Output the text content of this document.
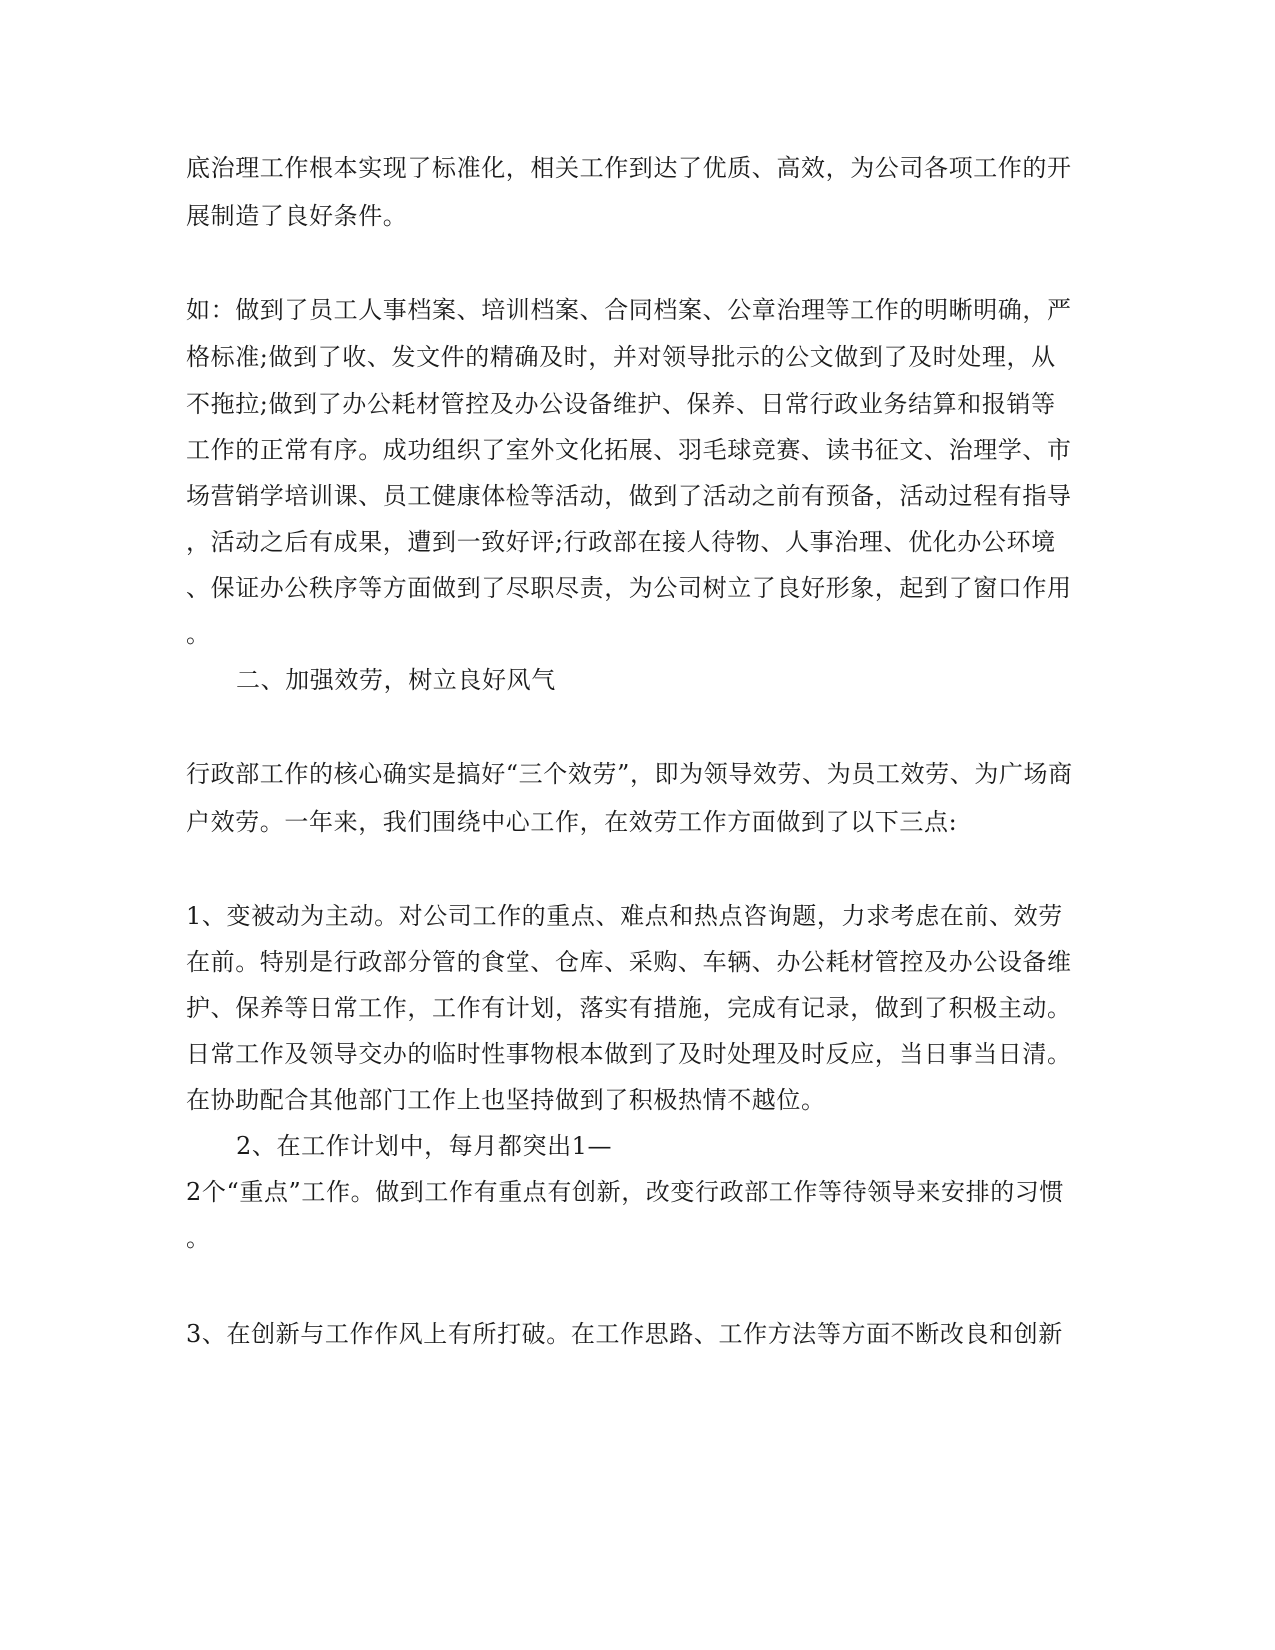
底治理工作根本实现了标准化，相关工作到达了优质、高效，为公司各项工作的开
展制造了良好条件。
如：做到了员工人事档案、培训档案、合同档案、公章治理等工作的明晰明确，严
格标准;做到了收、发文件的精确及时，并对领导批示的公文做到了及时处理，从
不拖拉;做到了办公耗材管控及办公设备维护、保养、日常行政业务结算和报销等
工作的正常有序。成功组织了室外文化拓展、羽毛球竞赛、读书征文、治理学、市
场营销学培训课、员工健康体检等活动，做到了活动之前有预备，活动过程有指导
，活动之后有成果，遭到一致好评;行政部在接人待物、人事治理、优化办公环境
、保证办公秩序等方面做到了尽职尽责，为公司树立了良好形象，起到了窗口作用
。
二、加强效劳，树立良好风气
行政部工作的核心确实是搞好“三个效劳”，即为领导效劳、为员工效劳、为广场商
户效劳。一年来，我们围绕中心工作，在效劳工作方面做到了以下三点:
1、变被动为主动。对公司工作的重点、难点和热点咨询题，力求考虑在前、效劳
在前。特别是行政部分管的食堂、仓库、采购、车辆、办公耗材管控及办公设备维
护、保养等日常工作，工作有计划，落实有措施，完成有记录，做到了积极主动。
日常工作及领导交办的临时性事物根本做到了及时处理及时反应，当日事当日清。
在协助配合其他部门工作上也坚持做到了积极热情不越位。
2、在工作计划中，每月都突出1—
2个“重点”工作。做到工作有重点有创新，改变行政部工作等待领导来安排的习惯
。
3、在创新与工作作风上有所打破。在工作思路、工作方法等方面不断改良和创新
